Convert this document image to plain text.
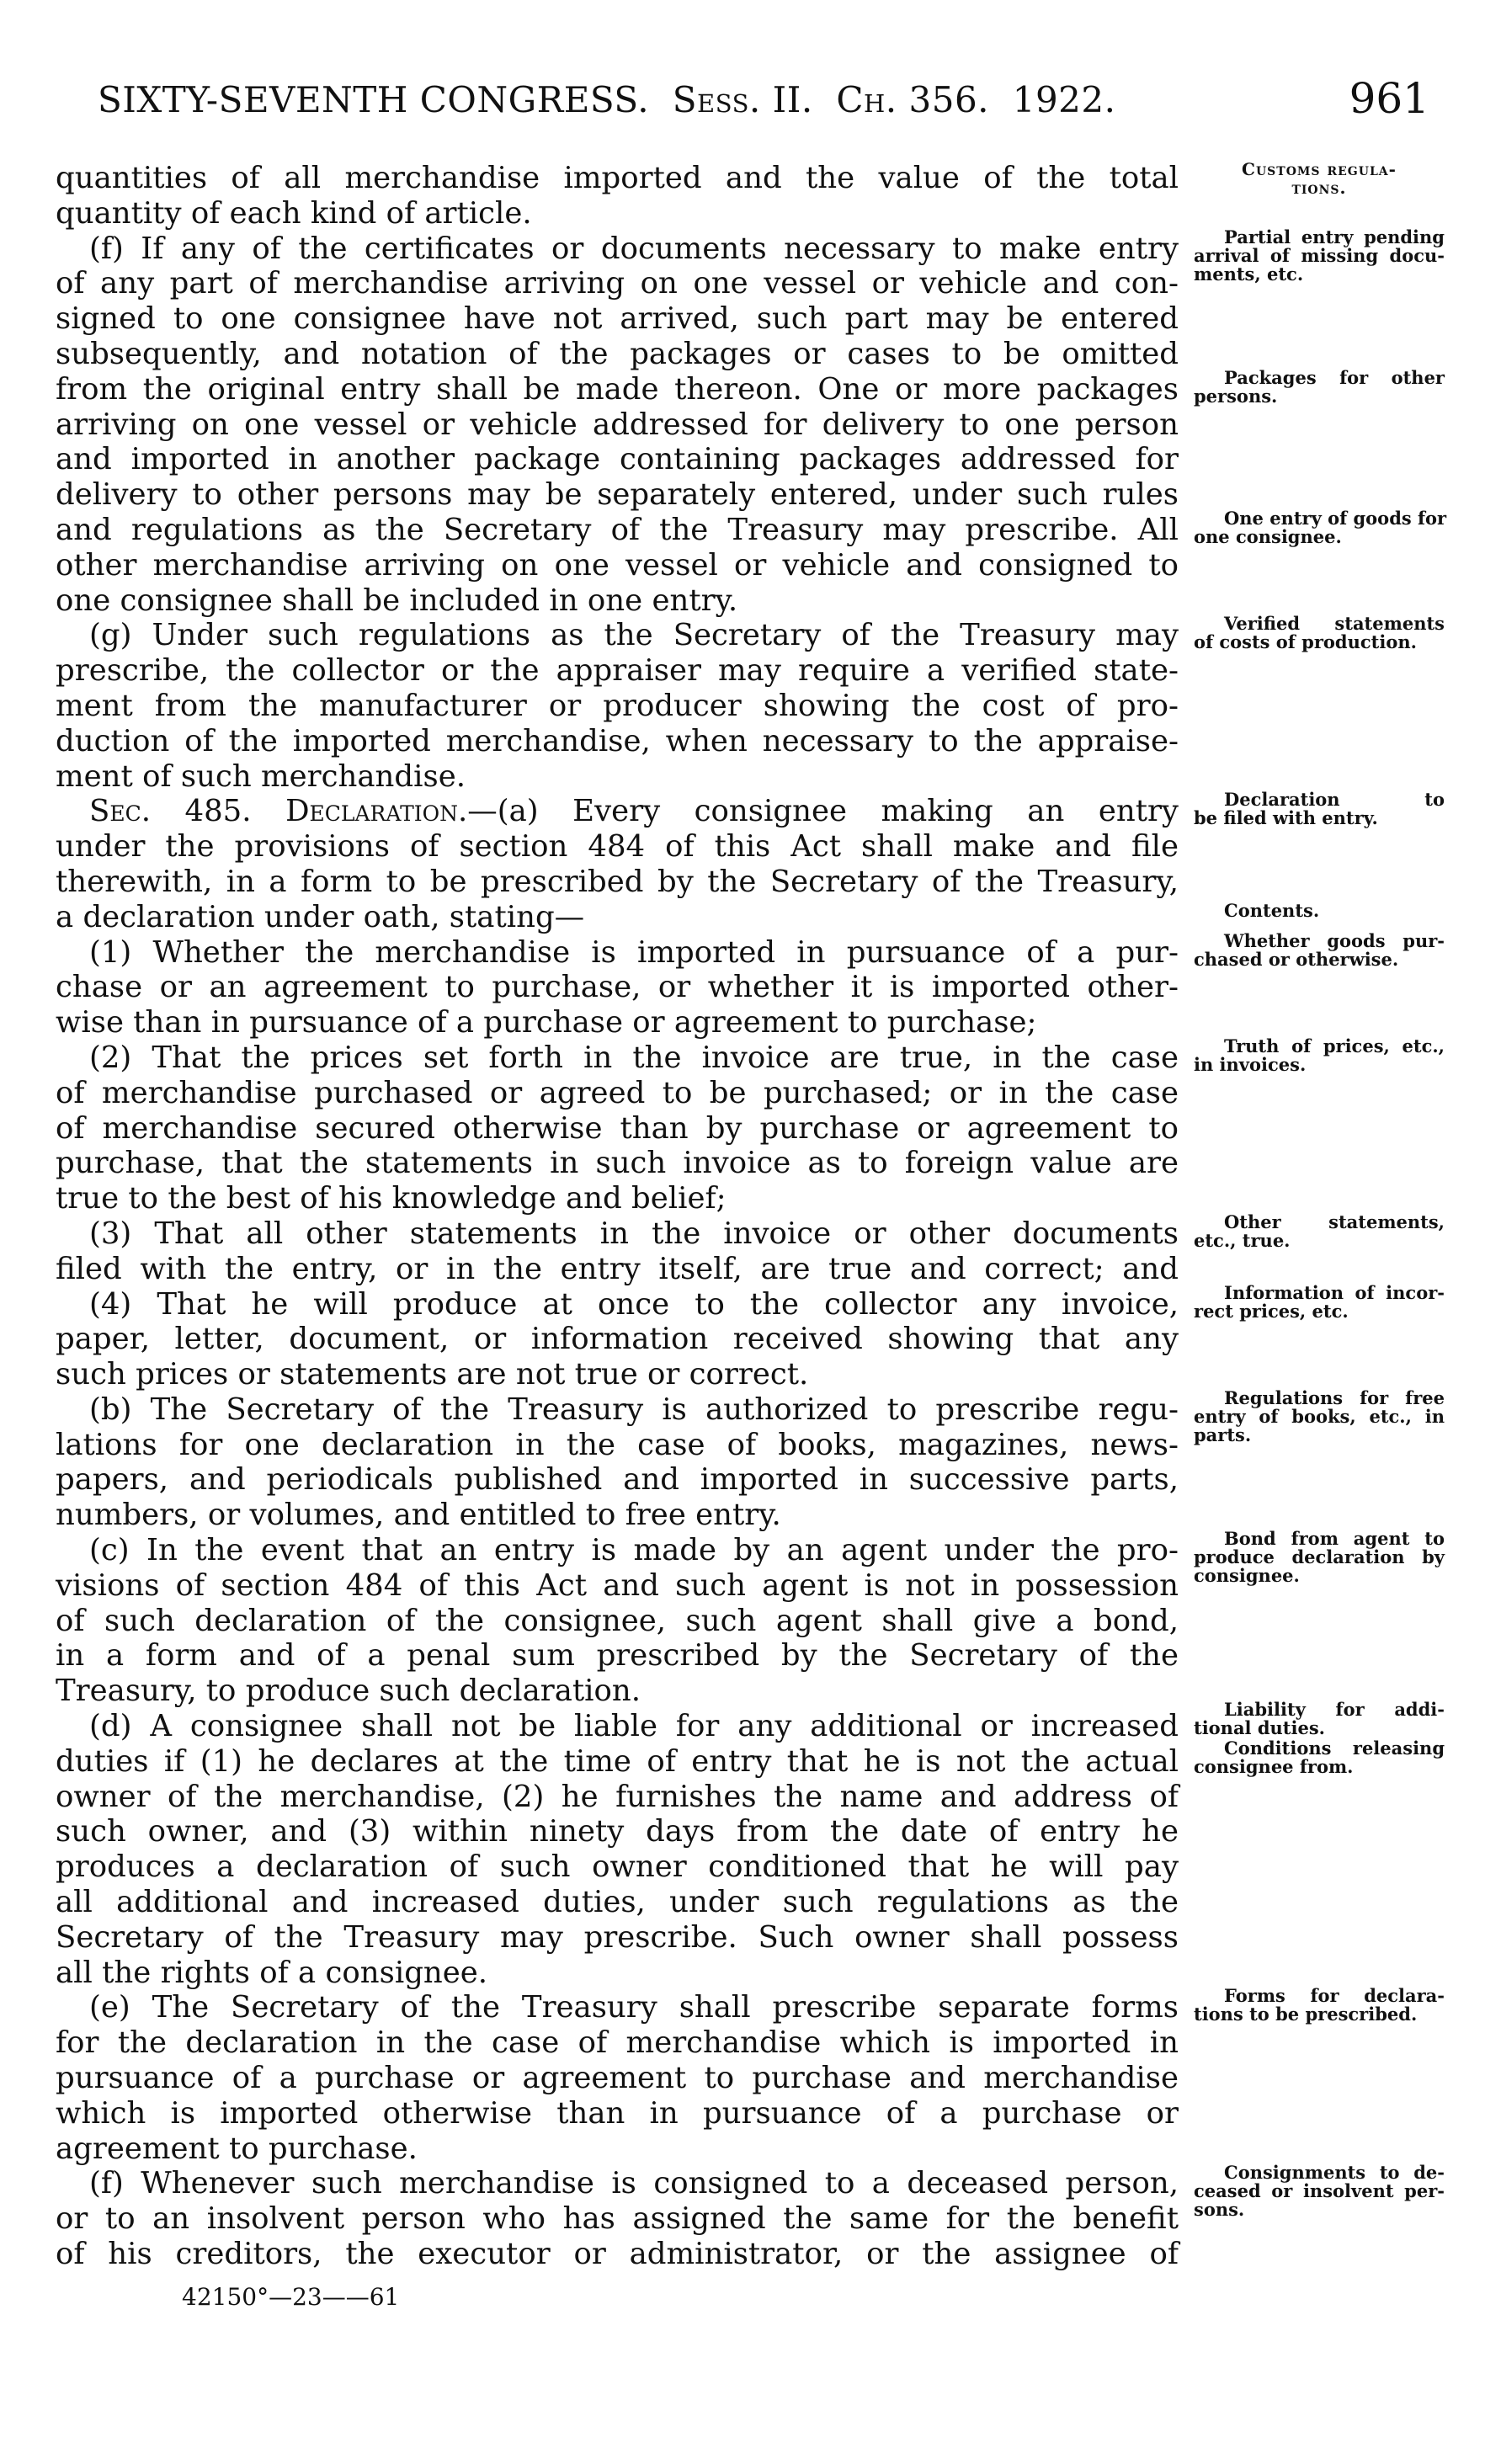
SIXTY-SEVENTH CONGRESS. Sess. II. Ch. 356. 1922.	961
quantities of all merchandise imported and the value of the total
quantity of each kind of article.
(f) If any of the certificates or documents necessary to make entry
of any part of merchandise arriving on one vessel or vehicle and con-
signed to one consignee have not arrived, such part may be entered
subsequently, and notation of the packages or cases to be omitted
from the original entry shall be made thereon. One or more packages
arriving on one vessel or vehicle addressed for delivery to one person
and imported in another package containing packages addressed for
delivery to other persons may be separately entered, under such rules
and regulations as the Secretary of the Treasury may prescribe. All
other merchandise arriving on one vessel or vehicle and consigned to
one consignee shall be included in one entry.
(g) Under such regulations as the Secretary of the Treasury may
prescribe, the collector or the appraiser may require a verified state-
ment from the manufacturer or producer showing the cost of pro-
duction of the imported merchandise, when necessary to the appraise-
ment of such merchandise.
Sec. 485. Declaration.—(a) Every consignee making an entry
under the provisions of section 484 of this Act shall make and file
therewith, in a form to be prescribed by the Secretary of the Treasury,
a declaration under oath, stating—
(1) Whether the merchandise is imported in pursuance of a pur-
chase or an agreement to purchase, or whether it is imported other-
wise than in pursuance of a purchase or agreement to purchase;
(2) That the prices set forth in the invoice are true, in the case
of merchandise purchased or agreed to be purchased; or in the case
of merchandise secured otherwise than by purchase or agreement to
purchase, that the statements in such invoice as to foreign value are
true to the best of his knowledge and belief;
(3) That all other statements in the invoice or other documents
filed with the entry, or in the entry itself, are true and correct; and
(4) That he will produce at once to the collector any invoice,
paper, letter, document, or information received showing that any
such prices or statements are not true or correct.
(b) The Secretary of the Treasury is authorized to prescribe regu-
lations for one declaration in the case of books, magazines, news-
papers, and periodicals published and imported in successive parts,
numbers, or volumes, and entitled to free entry.
(c) In the event that an entry is made by an agent under the pro-
visions of section 484 of this Act and such agent is not in possession
of such declaration of the consignee, such agent shall give a bond,
in a form and of a penal sum prescribed by the Secretary of the
Treasury, to produce such declaration.
(d) A consignee shall not be liable for any additional or increased
duties if (1) he declares at the time of entry that he is not the actual
owner of the merchandise, (2) he furnishes the name and address of
such owner, and (3) within ninety days from the date of entry he
produces a declaration of such owner conditioned that he will pay
all additional and increased duties, under such regulations as the
Secretary of the Treasury may prescribe. Such owner shall possess
all the rights of a consignee.
(e) The Secretary of the Treasury shall prescribe separate forms
for the declaration in the case of merchandise which is imported in
pursuance of a purchase or agreement to purchase and merchandise
which is imported otherwise than in pursuance of a purchase or
agreement to purchase.
(f) Whenever such merchandise is consigned to a deceased person,
or to an insolvent person who has assigned the same for the benefit
of his creditors, the executor or administrator, or the assignee of
Customs regula-
tions.
Partial entry pending
arrival of missing docu-
ments, etc.
Packages for other
persons.
One entry of goods for
one consignee.
Verified statements
of costs of production.
Declaration to
be filed with entry.
Contents.
Whether goods pur-
chased or otherwise.
Truth of prices, etc.,
in invoices.
Other statements,
etc., true.
Information of incor-
rect prices, etc.
Regulations for free
entry of books, etc., in
parts.
Bond from agent to
produce declaration by
consignee.
Liability for addi-
tional duties.
Conditions releasing
consignee from.
Forms for declara-
tions to be prescribed.
Consignments to de-
ceased or insolvent per-
sons.
42150°—23——61
